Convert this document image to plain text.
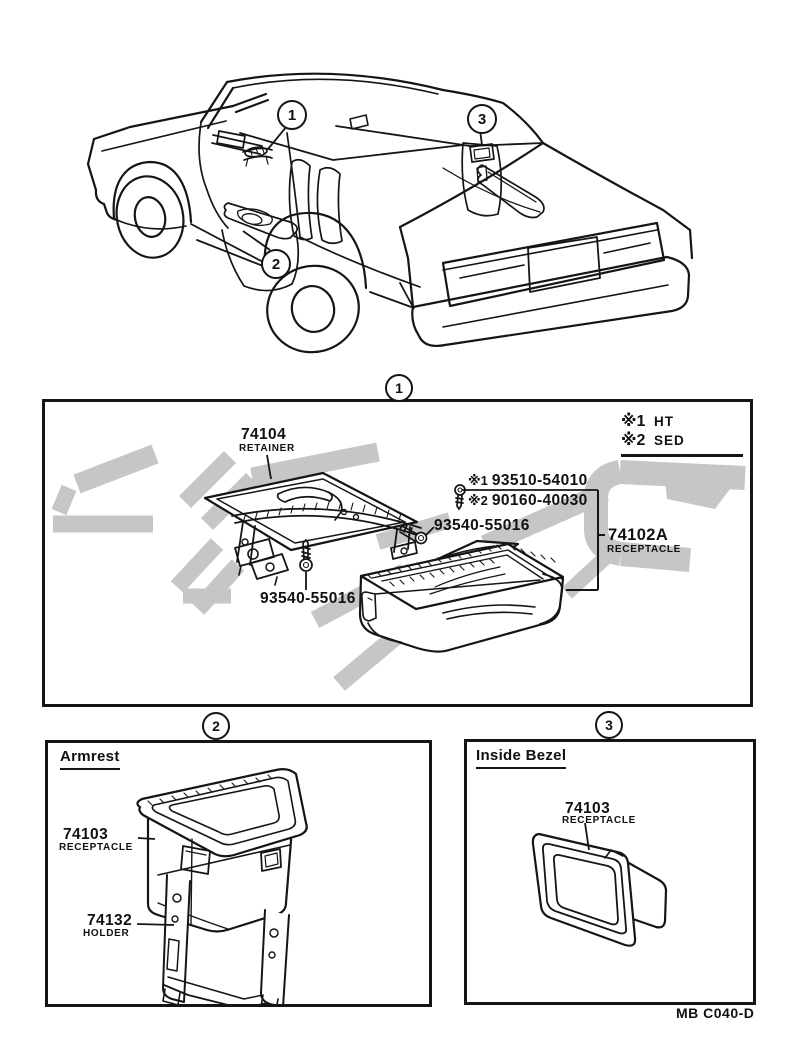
1
2
3
1
2	3
74104
RETAINER
※1 93510-54010
※2 90160-40030
93540-55016
93540-55016
74102A
RECEPTACLE
※1 HT
※2 SED
Armrest
74103
RECEPTACLE
74132
HOLDER
Inside Bezel
74103
RECEPTACLE
MB C040-D
